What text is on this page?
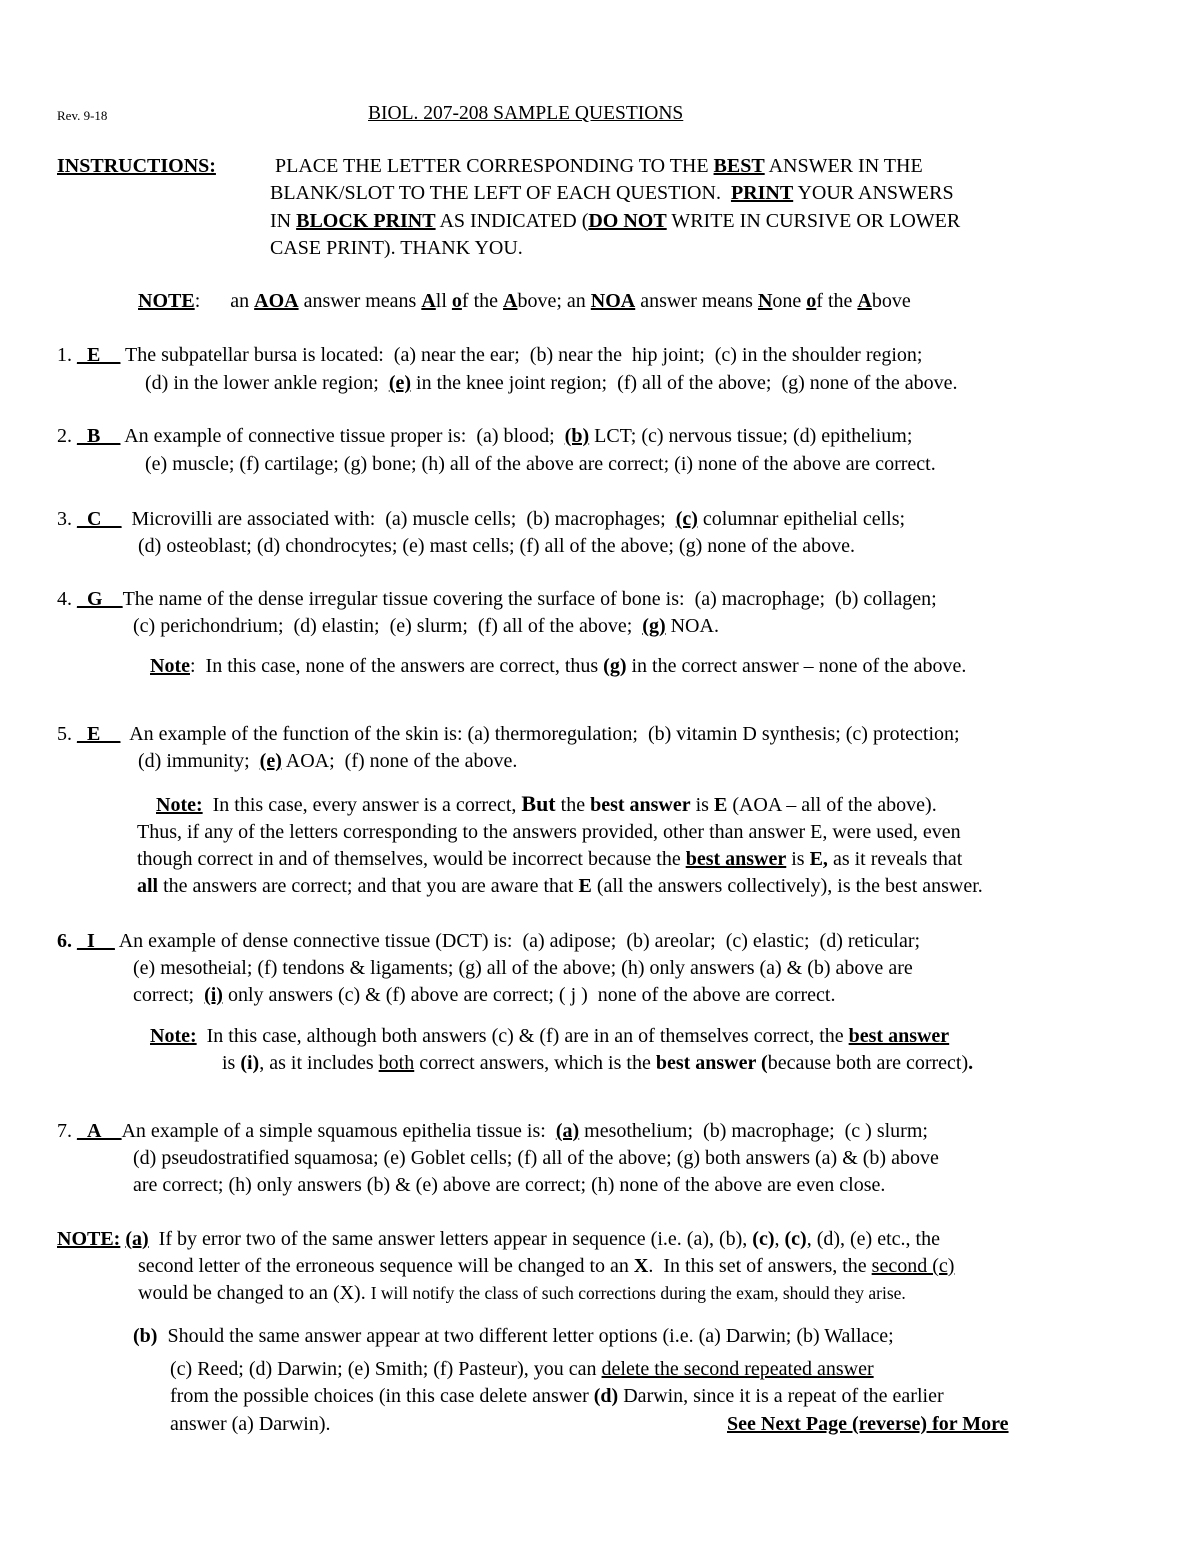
Rev. 9-18	BIOL. 207-208 SAMPLE QUESTIONS
INSTRUCTIONS:	PLACE THE LETTER CORRESPONDING TO THE BEST ANSWER IN THE
BLANK/SLOT TO THE LEFT OF EACH QUESTION.  PRINT YOUR ANSWERS
IN BLOCK PRINT AS INDICATED (DO NOT WRITE IN CURSIVE OR LOWER
CASE PRINT). THANK YOU.
NOTE: an AOA answer means All of the Above; an NOA answer means None of the Above
1. _E__ The subpatellar bursa is located:  (a) near the ear;  (b) near the  hip joint;  (c) in the shoulder region;
(d) in the lower ankle region;  (e) in the knee joint region;  (f) all of the above;  (g) none of the above.
2. _B__ An example of connective tissue proper is:  (a) blood;  (b) LCT; (c) nervous tissue; (d) epithelium;
(e) muscle; (f) cartilage; (g) bone; (h) all of the above are correct; (i) none of the above are correct.
3. _C__  Microvilli are associated with:  (a) muscle cells;  (b) macrophages;  (c) columnar epithelial cells;
(d) osteoblast; (d) chondrocytes; (e) mast cells; (f) all of the above; (g) none of the above.
4. _G__The name of the dense irregular tissue covering the surface of bone is:  (a) macrophage;  (b) collagen;
(c) perichondrium;  (d) elastin;  (e) slurm;  (f) all of the above;  (g) NOA.
Note:  In this case, none of the answers are correct, thus (g) in the correct answer – none of the above.
5. _E__  An example of the function of the skin is: (a) thermoregulation;  (b) vitamin D synthesis; (c) protection;
(d) immunity;  (e) AOA;  (f) none of the above.
Note:  In this case, every answer is a correct, But the best answer is E (AOA – all of the above).
Thus, if any of the letters corresponding to the answers provided, other than answer E, were used, even
though correct in and of themselves, would be incorrect because the best answer is E, as it reveals that
all the answers are correct; and that you are aware that E (all the answers collectively), is the best answer.
6. _I__ An example of dense connective tissue (DCT) is:  (a) adipose;  (b) areolar;  (c) elastic;  (d) reticular;
(e) mesotheial; (f) tendons & ligaments; (g) all of the above; (h) only answers (a) & (b) above are
correct;  (i) only answers (c) & (f) above are correct; ( j )  none of the above are correct.
Note:  In this case, although both answers (c) & (f) are in an of themselves correct, the best answer
is (i), as it includes both correct answers, which is the best answer (because both are correct).
7. _A__An example of a simple squamous epithelia tissue is:  (a) mesothelium;  (b) macrophage;  (c ) slurm;
(d) pseudostratified squamosa; (e) Goblet cells; (f) all of the above; (g) both answers (a) & (b) above
are correct; (h) only answers (b) & (e) above are correct; (h) none of the above are even close.
NOTE: (a)  If by error two of the same answer letters appear in sequence (i.e. (a), (b), (c), (c), (d), (e) etc., the
second letter of the erroneous sequence will be changed to an X.  In this set of answers, the second (c)
would be changed to an (X). I will notify the class of such corrections during the exam, should they arise.
(b)  Should the same answer appear at two different letter options (i.e. (a) Darwin; (b) Wallace;
(c) Reed; (d) Darwin; (e) Smith; (f) Pasteur), you can delete the second repeated answer
from the possible choices (in this case delete answer (d) Darwin, since it is a repeat of the earlier
answer (a) Darwin).	See Next Page (reverse) for More
